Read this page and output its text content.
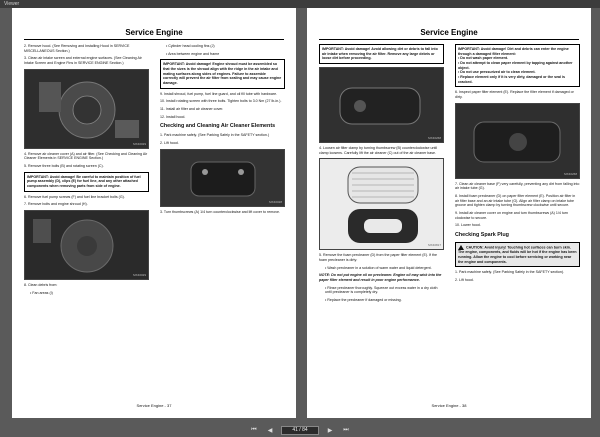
Viewer
Service Engine

2. Remove hood. (See Removing and Installing Hood in SERVICE MISCELLANEOUS Section.)

3. Clean air intake screen and external engine surfaces. (See Cleaning Air Intake Screen and Engine Fins in SERVICE ENGINE Section.)

MX40029

4. Remove air cleaner cover (A) and air filter. (See Checking and Cleaning Air Cleaner Elements in SERVICE ENGINE Section.)

5. Remove three bolts (B) and rotating screen (C).

IMPORTANT: Avoid damage! Be careful to maintain position of fuel pump assembly (D), clips (E) for fuel line, and any other attached components when removing parts from side of engine.

6. Remove fuel pump screws (F) and fuel line bracket bolts (G).

7. Remove bolts and engine shroud (H).

MX40029

8. Clean debris from:

• Fan areas (I)

• Cylinder head cooling fins (J)

• Area between engine and frame

IMPORTANT: Avoid damage! Engine shroud must be assembled so that the sizes is the shroud align with the ridge in the air intake and mating surfaces along sides of engines. Failure to assemble correctly will prevent the air filter from sealing and may cause engine damage.

9. Install shroud, fuel pump, fuel line guard, and oil fill tube with hardware.

10. Install rotating screen with three bolts. Tighten bolts to 3.0 Nm (27 lb-in.).

11. Install air filter and air cleaner cover.

12. Install hood.

Checking and Cleaning Air Cleaner Elements

1. Park machine safely. (See Parking Safely in the SAFETY section.)

2. Lift hood.

MX40028

3. Turn thumbscrews (A) 1/4 turn counterclockwise and lift cover to remove.

Service Engine - 37
Service Engine
IMPORTANT: Avoid damage! Avoid allowing dirt or debris to fall into air intake when removing the air filter. Remove any large debris or loose dirt before proceeding.
MX40268

4. Loosen air filter clamp by turning thumbscrew (B) counterclockwise until clamp loosens. Carefully lift the air cleaner (C) out of the air cleaner base.

MX40817

5. Remove the foam precleaner (D) from the paper filter element (E). If the foam precleaner is dirty:

• Wash precleaner in a solution of warm water and liquid detergent.

NOTE: Do not put engine oil on precleaner. Engine oil may wick into the paper filter element and result in poor engine performance.

• Rinse precleaner thoroughly. Squeeze out excess water in a dry cloth until precleaner is completely dry.

• Replace the precleaner if damaged or missing.

IMPORTANT: Avoid damage! Dirt and debris can enter the engine through a damaged filter element:
• Do not wash paper element.
• Do not attempt to clean paper element by tapping against another object.
• Do not use pressurized air to clean element.
• Replace element only if it is very dirty, damaged or the seal is cracked.

6. Inspect paper filter element (E). Replace the filter element if damaged or dirty.

MX40268

7. Clean air cleaner base (F) very carefully, preventing any dirt from falling into air intake tube (G).

8. Install foam precleaner (D) on paper filter element (E). Position air filter in air filter base and an air intake tube (G). Align air filter clamp on intake tube groove and tighten clamp by turning thumbscrew clockwise until secure.

9. Install air cleaner cover on engine and turn thumbscrews (A) 1/4 turn clockwise to secure.

10. Lower hood.

Checking Spark Plug
CAUTION: Avoid injury! Touching hot surfaces can burn skin. The engine, components, and fluids will be hot if the engine has been running. Allow the engine to cool before servicing or working near the engine and components.

1. Park machine safely. (See Parking Safely in the SAFETY section).

2. Lift hood.

Service Engine - 38
⏮ ◀	41 / 84	▶ ⏭
